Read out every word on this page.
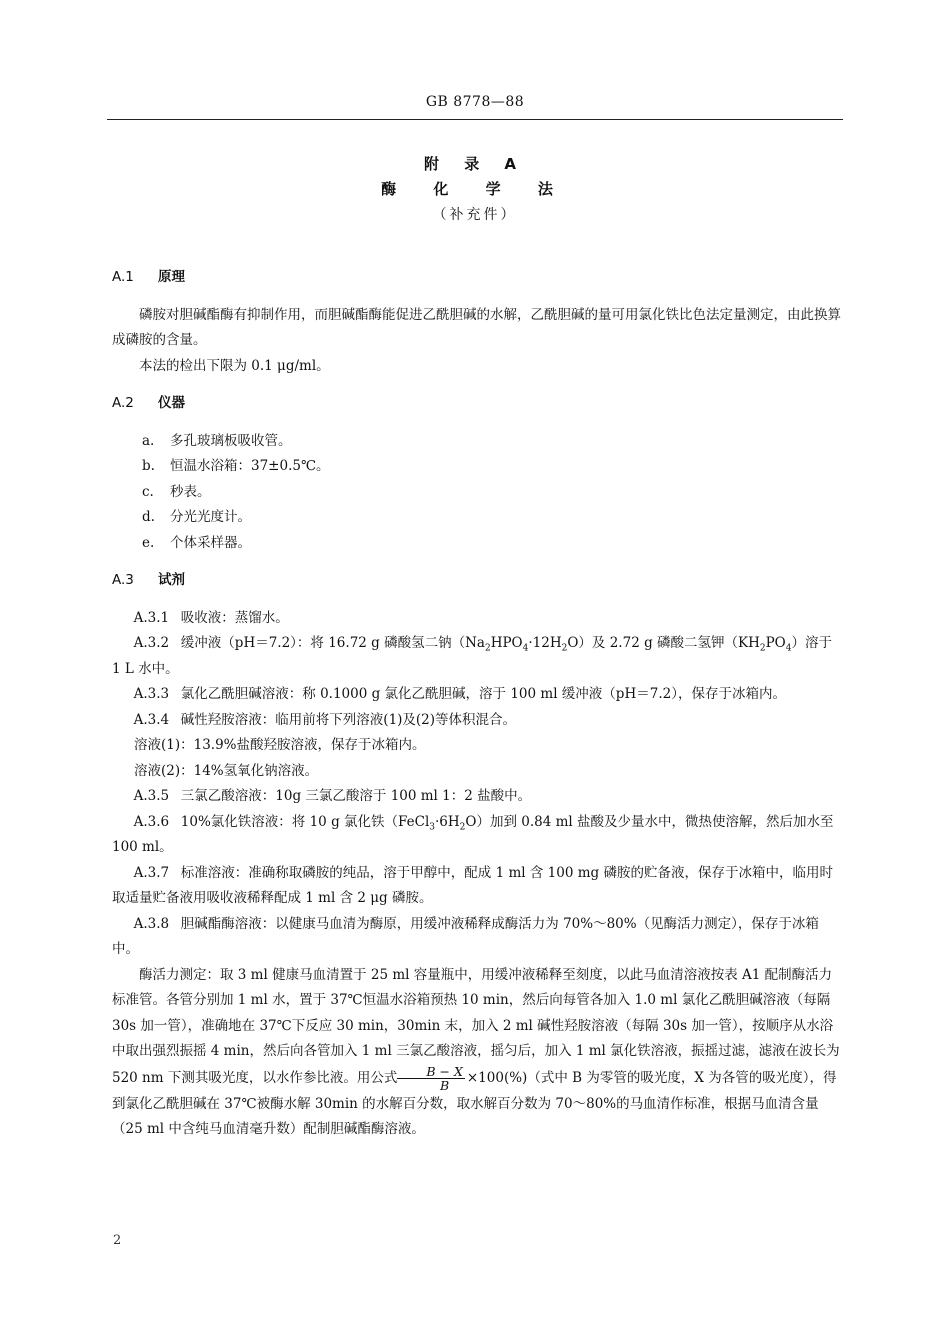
GB 8778—88
附 录 A
酶 化 学 法
（补充件）
A.1 原理

磷胺对胆碱酯酶有抑制作用，而胆碱酯酶能促进乙酰胆碱的水解，乙酰胆碱的量可用氯化铁比色法定量测定，由此换算成磷胺的含量。

本法的检出下限为 0.1 μg/ml。

A.2 仪器

a. 多孔玻璃板吸收管。

b. 恒温水浴箱：37±0.5℃。

c. 秒表。

d. 分光光度计。

e. 个体采样器。

A.3 试剂

A.3.1 吸收液：蒸馏水。

A.3.2 缓冲液（pH＝7.2）：将 16.72 g 磷酸氢二钠$(Na_2HPO_4\cdot 12H_2O)$及 2.72 g 磷酸二氢钾$(KH_2PO_4)$溶于 1 L 水中。

A.3.3 氯化乙酰胆碱溶液：称 0.1000 g 氯化乙酰胆碱，溶于 100 ml 缓冲液（pH＝7.2），保存于冰箱内。

A.3.4 碱性羟胺溶液：临用前将下列溶液(1)及(2)等体积混合。

溶液(1)：13.9%盐酸羟胺溶液，保存于冰箱内。

溶液(2)：14%氢氧化钠溶液。

A.3.5 三氯乙酸溶液：10g 三氯乙酸溶于 100 ml 1：2 盐酸中。

A.3.6 10%氯化铁溶液：将 10 g 氯化铁$(FeCl_3\cdot 6H_2O)$加到 0.84 ml 盐酸及少量水中，微热使溶解，然后加水至 100 ml。

A.3.7 标准溶液：准确称取磷胺的纯品，溶于甲醇中，配成 1 ml 含 100 mg 磷胺的贮备液，保存于冰箱中，临用时取适量贮备液用吸收液稀释配成 1 ml 含 2 μg 磷胺。

A.3.8 胆碱酯酶溶液：以健康马血清为酶原，用缓冲液稀释成酶活力为 70%～80%（见酶活力测定），保存于冰箱中。

酶活力测定：取 3 ml 健康马血清置于 25 ml 容量瓶中，用缓冲液稀释至刻度，以此马血清溶液按表 A1 配制酶活力标准管。各管分别加 1 ml 水，置于 37℃恒温水浴箱预热 10 min，然后向每管各加入 1.0 ml 氯化乙酰胆碱溶液（每隔 30s 加一管），准确地在 37℃下反应 30 min，30min 末，加入 2 ml 碱性羟胺溶液（每隔 30s 加一管），按顺序从水浴中取出强烈振摇 4 min，然后向各管加入 1 ml 三氯乙酸溶液，摇匀后，加入 1 ml 氯化铁溶液，振摇过滤，滤液在波长为 520 nm 下测其吸光度，以水作参比液。用公式 $\frac{B - X}{B} \times 100(\%)$（式中 B 为零管的吸光度，X 为各管的吸光度），得到氯化乙酰胆碱在 37℃被酶水解 30min 的水解百分数，取水解百分数为 70～80%的马血清作标准，根据马血清含量（25 ml 中含纯马血清毫升数）配制胆碱酯酶溶液。

2
